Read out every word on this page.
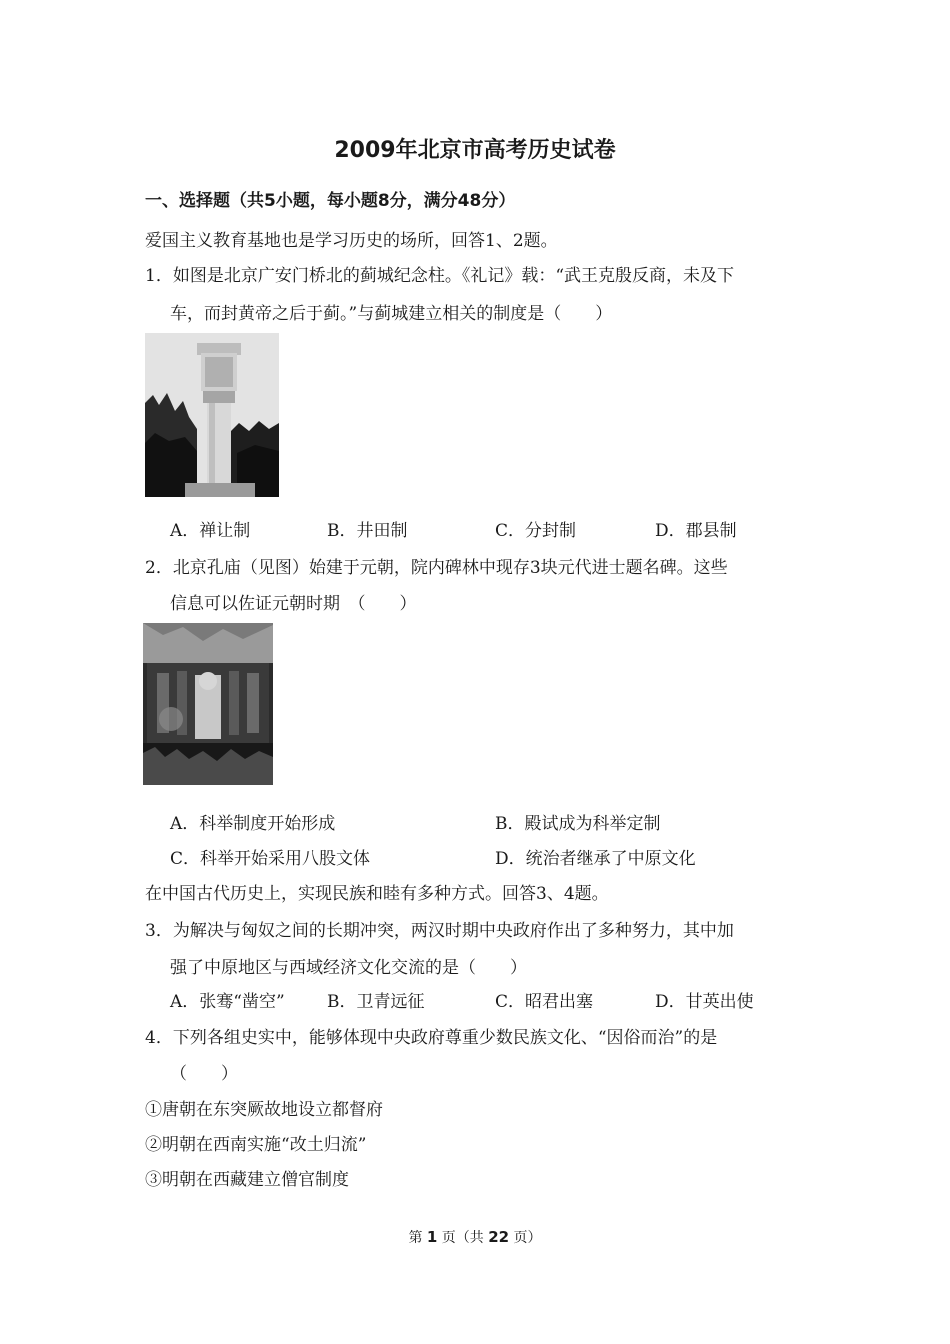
2009年北京市高考历史试卷
一、选择题（共5小题，每小题8分，满分48分）
爱国主义教育基地也是学习历史的场所，回答1、2题。
1．如图是北京广安门桥北的蓟城纪念柱。《礼记》载：“武王克殷反商，未及下
车，而封黄帝之后于蓟。”与蓟城建立相关的制度是（　　）
A．禅让制	B．井田制	C．分封制	D．郡县制
2．北京孔庙（见图）始建于元朝，院内碑林中现存3块元代进士题名碑。这些
信息可以佐证元朝时期　（　　）
A．科举制度开始形成	B．殿试成为科举定制
C．科举开始采用八股文体	D．统治者继承了中原文化
在中国古代历史上，实现民族和睦有多种方式。回答3、4题。
3．为解决与匈奴之间的长期冲突，两汉时期中央政府作出了多种努力，其中加
强了中原地区与西域经济文化交流的是（　　）
A．张骞“凿空” B．卫青远征	C．昭君出塞	D．甘英出使
4．下列各组史实中，能够体现中央政府尊重少数民族文化、“因俗而治”的是
（　　）
①唐朝在东突厥故地设立都督府
②明朝在西南实施“改土归流”
③明朝在西藏建立僧官制度
第 1 页（共 22 页）
